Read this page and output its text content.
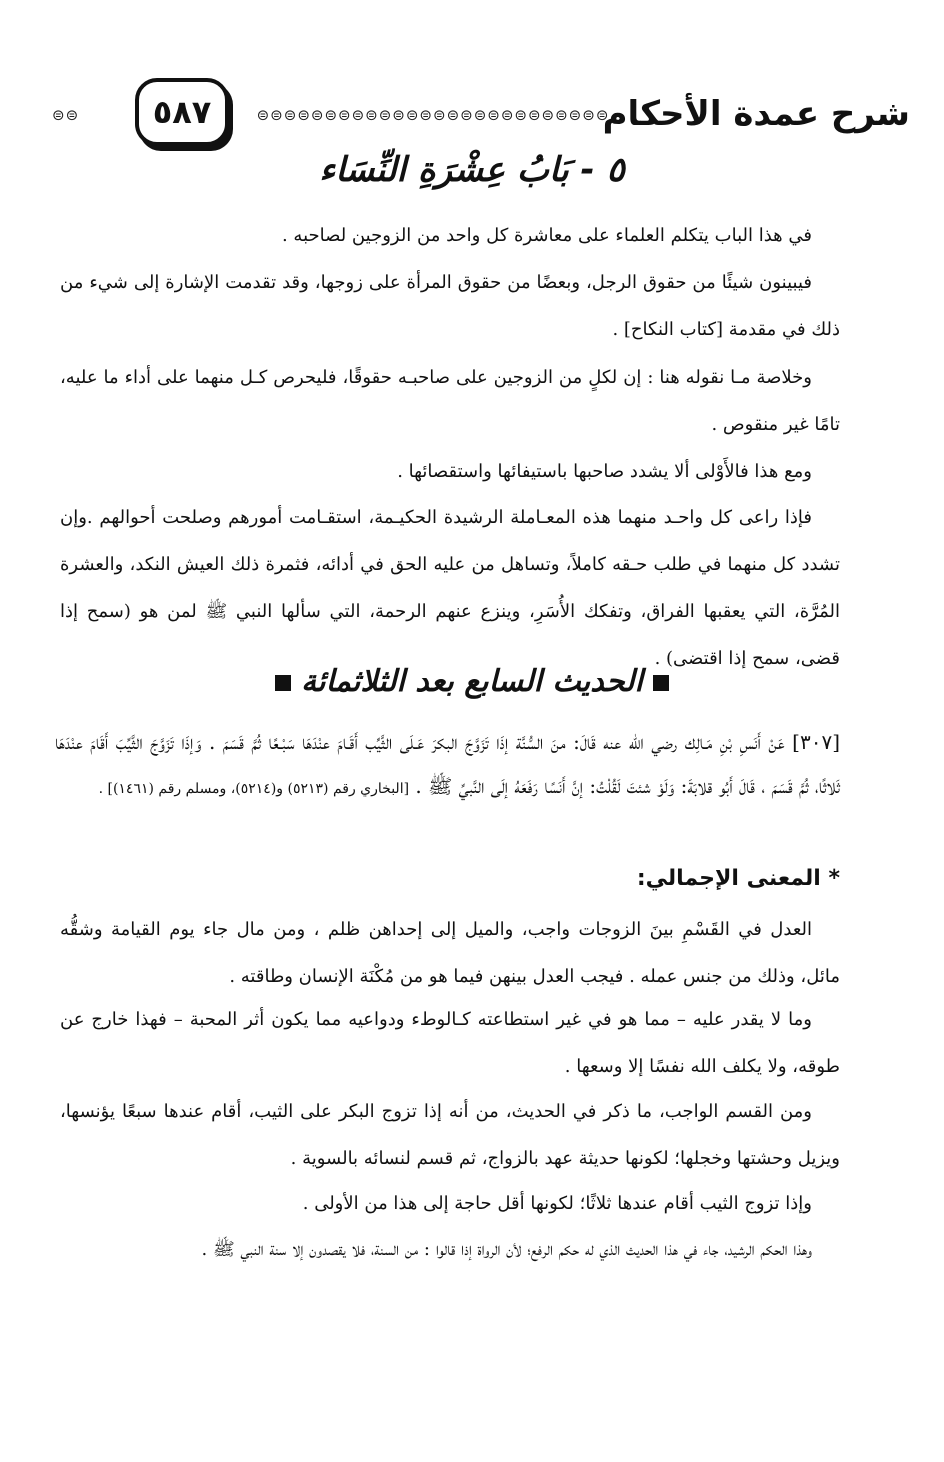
شرح عمدة الأحكام
⊜⊜⊜⊜⊜⊜⊜⊜⊜⊜⊜⊜⊜⊜⊜⊜⊜⊜⊜⊜⊜⊜⊜⊜⊜⊜
٥٨٧
⊜⊜
٥ - بَابُ عِشْرَةِ النِّسَاء

في هذا الباب يتكلم العلماء على معاشرة كل واحد من الزوجين لصاحبه .

فيبينون شيئًا من حقوق الرجل، وبعضًا من حقوق المرأة على زوجها، وقد تقدمت الإشارة إلى شيء من ذلك في مقدمة [كتاب النكاح] .

وخلاصة مـا نقوله هنا : إن لكلٍ من الزوجين على صاحبـه حقوقًا، فليحرص كـل منهما على أداء ما عليه، تامًا غير منقوص .

ومع هذا فالأَوْلى ألا يشدد صاحبها باستيفائها واستقصائها .

فإذا راعى كل واحـد منهما هذه المعـاملة الرشيدة الحكيـمة، استقـامت أمورهم وصلحت أحوالهم .وإن تشدد كل منهما في طلب حـقه كاملاً، وتساهل من عليه الحق في أدائه، فثمرة ذلك العيش النكد، والعشرة المُرَّة، التي يعقبها الفراق، وتفكك الأُسَرِ، وينزع عنهم الرحمة، التي سألها النبي ﷺ لمن هو (سمح إذا قضى، سمح إذا اقتضى) .

الحديث السابع بعد الثلاثمائة

[٣٠٧] عَنْ أَنَسِ بْنِ مَـالِك رضي الله عنه قَالَ: منَ السُّنَّة إذَا تَزَوَّجَ البكرَ عَـلَى الثَّيِّب أَقَـامَ عنْدَهَا سَبْـعًا ثُمَّ قَسَمَ . وَإذَا تَزَوَّجَ الثَّيِّبَ أَقَامَ عنْدَهَا ثَلاثًا، ثُمَّ قَسَمَ ، قَالَ أَبُو قلابَةَ: وَلَوْ شئتَ لَقُلْتُ: إنَّ أَنَسًا رَفَعَهُ إلَى النَّبيِّ ﷺ . [البخاري رقم (٥٢١٣) و(٥٢١٤)، ومسلم رقم (١٤٦١)] .

* المعنى الإجمالي:

العدل في القَسْمِ بينَ الزوجات واجب، والميل إلى إحداهن ظلم ، ومن مال جاء يوم القيامة وشقُّه مائل، وذلك من جنس عمله . فيجب العدل بينهن فيما هو من مُكْنَة الإنسان وطاقته .

وما لا يقدر عليه – مما هو في غير استطاعته كـالوطء ودواعيه مما يكون أثر المحبة – فهذا خارج عن طوقه، ولا يكلف الله نفسًا إلا وسعها .

ومن القسم الواجب، ما ذكر في الحديث، من أنه إذا تزوج البكر على الثيب، أقام عندها سبعًا يؤنسها، ويزيل وحشتها وخجلها؛ لكونها حديثة عهد بالزواج، ثم قسم لنسائه بالسوية .

وإذا تزوج الثيب أقام عندها ثلاثًا؛ لكونها أقل حاجة إلى هذا من الأولى .

وهذا الحكم الرشيد، جاء في هذا الحديث الذي له حكم الرفع؛ لأن الرواة إذا قالوا : من السنة، فلا يقصدون إلا سنة النبي ﷺ .
